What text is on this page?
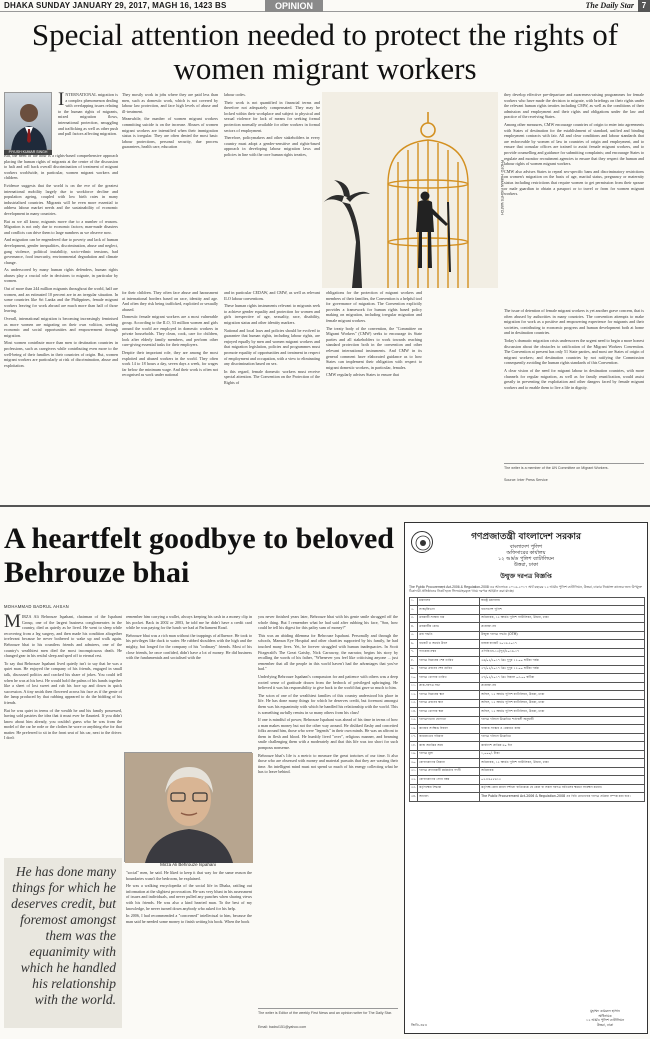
DHAKA SUNDAY JANUARY 29, 2017, MAGH 16, 1423 BS	OPINION	The Daily Star 7
Special attention needed to protect the rights of women migrant workers
PIYUSH KUMAR SINGH
I NTERNATIONAL migration is a complex phenomenon dealing with overlapping issues relating to the human rights of migrants, mixed migration flows, international protection, smuggling and trafficking as well as other push and pull factors affecting migration.

But, the need of the hour is a rights-based comprehensive approach placing the human rights of migrants at the centre of the discussion to halt and roll back overall discrimination of treatment of migrant workers worldwide, in particular, women migrant workers and children.

Evidence suggests that the world is on the eve of the greatest international mobility largely due to workforce decline and population ageing, coupled with low birth rates in many industrialised countries. Migrants will be even more essential to address labour market needs and the sustainability of economic development in many countries.

But as we all know, migrants move due to a number of reasons. Migration is not only due to economic factors; man-made disasters and conflicts can drive them to large numbers as we observe now.

And migration can be engendered due to poverty and lack of human development, gender inequalities, discrimination, abuse and neglect, gang violence, political instability, socio-ethnic tensions, bad governance, food insecurity, environmental degradation and climate change.

As underscored by many human rights defenders, human rights abuses play a crucial role in decisions to migrate, in particular by women.

Out of more than 244 million migrants throughout the world, half are women, and an estimated 10 percent are in an irregular situation. In some countries like Sri Lanka and the Philippines, female migrant workers leaving for work abroad are much more than half of those leaving.

Overall, international migration is becoming increasingly feminised as more women are migrating on their own volition, seeking economic and social opportunities and empowerment through migration.

Most women contribute more than men to destination countries in professions, such as caregivers while contributing even more to the well-being of their families in their countries of origin. But, women migrant workers are particularly at risk of discrimination, abuse and exploitation.

They mostly work in jobs where they are paid less than men, such as domestic work, which is not covered by labour law protection, and face high levels of abuse and ill-treatment.

Meanwhile, the number of women migrant workers committing suicide is on the increase. Abuses of women migrant workers are intensified when their immigration status is irregular. They are often denied the most basic labour protections, personal security, due process guarantees, health care, education

labour codes.

Their work is not quantified in financial terms and therefore not adequately compensated. They may be locked within their workplace and subject to physical and sexual violence for lack of means for seeking formal protection normally available for other workers in formal sectors of employment.

Therefore, policymakers and other stakeholders in every country must adopt a gender-sensitive and rights-based approach in developing labour migration laws and policies in line with the core human rights treaties,

PHOTO: HUMAN RIGHTS WATCH

they develop effective pre-departure and awareness-raising programmes for female workers who have made the decision to migrate, with briefings on their rights under the relevant human rights treaties including CMW, as well as the conditions of their admission and employment and their rights and obligations under the law and practice of the receiving States.

Among other measures, CMW encourage countries of origin to enter into agreements with States of destination for the establishment of standard, unified and binding employment contracts with fair. All and clear conditions and labour standards that are enforceable by women of law in countries of origin and employment, and to ensure that consular offices are trained to assist female migrant workers, and to provide counselling and guidance for submitting complaints; and encourage States to regulate and monitor recruitment agencies to ensure that they respect the human and labour rights of women migrant workers.

CMW also advises States to repeal sex-specific bans and discriminatory restrictions on women's migration on the basis of age, marital status, pregnancy or maternity status including restrictions that require women to get permission from their spouse or male guardian to obtain a passport or to travel or from for women migrant workers.

for their children. They often face abuse and harassment at international borders based on race, identity and age. And often they risk being trafficked, exploited or sexually abused.

Domestic female migrant workers are a most vulnerable group. According to the ILO, 53 million women and girls around the world are employed in domestic workers in private households. They clean, cook, care for children, look after elderly family members, and perform other care-giving essential tasks for their employers.

Despite their important role, they are among the most exploited and abused workers in the world. They often work 14 to 18 hours a day, seven days a week, for wages far below the minimum wage. And their work is often not recognised as work under national

and in particular CEDAW, and CMW, as well as relevant ILO labour conventions.

These human rights instruments relevant to migrants seek to achieve gender equality and protection for women and girls irrespective of age, sexuality, race, disability, migration status and other identity markers.

National and local laws and policies should be evolved to guarantee that human rights, including labour rights, are enjoyed equally by men and women migrant workers and that migration legislation, policies and programmes must promote equality of opportunities and treatment in respect of employment and occupation, with a view to eliminating any discrimination based on sex.

In this regard, female domestic workers must receive special attention. The Convention on the Protection of the Rights of

obligations for the protection of migrant workers and members of their families, the Convention is a helpful tool for governance of migration. The Convention explicitly provides a framework for human rights based policy making on migration, including irregular migration and female migrant workers.

The treaty body of the convention, the "Committee on Migrant Workers" (CMW) seeks to encourage its State parties and all stakeholders to work towards reaching standard protection both in the convention and other relevant international instruments. And CMW in its general comment have elaborated guidance as to how States can implement their obligation with respect to migrant domestic workers, in particular, females.

CMW regularly advises States to ensure that

The issue of detention of female migrant workers is yet another grave concern, that is often abused by authorities in many countries. The convention attempts to make migration for work as a positive and empowering experience for migrants and their societies, contributing to economic progress and human development both at home and in destination countries.

Today's dramatic migration crisis underscores the urgent need to begin a more honest discussion about the obstacles to ratification of the Migrant Workers Convention. The Convention at present has only 51 State parties, and most are States of origin of migrant workers; and destination countries by not ratifying the Commission consequently avoiding the human rights standards of this Convention.

A clear vision of the need for migrant labour in destination countries, with more channels for regular migration, as well as for family reunification, would assist greatly in preventing the exploitation and other dangers faced by female migrant workers and to enable them to live a life in dignity.

The writer is a member of the UN Committee on Migrant Workers.
Source: Inter Press Service
A heartfelt goodbye to beloved Behrouze bhai
MOHAMMAD BADRUL AHSAN
M IRZA Ali Behrouze Ispahani, chairman of the Ispahani Group, one of the largest business conglomerates in the country, died as quietly as he lived. He went to sleep while recovering from a leg surgery, and then made his condition altogether irrelevant because he never bothered to wake up and walk again. Behrouze bhai to his countless friends and admirers, one of the country's wealthiest men died the most inconspicuous death. He changed gear in his restful sleep and sped off to eternal rest.

To say that Behrouze Ispahani lived quietly isn't to say that he was a quiet man. He enjoyed the company of his friends, engaged in small talk, discussed politics and cracked his share of jokes. You could tell when he was at his best. He would hold the palms of his hands together like a sheet of lost sweet and rub his face up and down in quick succession. A tiny smirk then flowered across his face as if the genie of the lamp produced by that rubbing appeared to do the bidding of his friends.

But he was quiet in terms of the wealth he and his family possessed, having sold pastries the idea that it must ever be flaunted. If you didn't know about him already, you couldn't guess who he was from the model of the car he rode or the clothes he wore or anything else for that matter. He preferred to sit in the front seat of his car, next to the driver. I don't

remember him carrying a wallet, always keeping his cash in a money clip in his pocket. Back in 2002 or 2003, he told me he didn't have a credit card while he was paying for the lunch we had at Parliament Road.

Behrouze bhai was a rich man without the trappings of affluence. He took to his privileges like duck to water. He rubbed shoulders with the high and the mighty, but longed for the company of his "ordinary" friends. Most of his close friends, he once confided, didn't have a lot of money. He did business with the fundamentals and socialised with the

Mirza Ali Behrouze Ispahani
He has done many things for which he deserves credit, but foremost amongst them was the equanimity with which he handled his relationship with the world.

"social" men, he said. He liked to keep it that way for the same reason the boundaries wasn't the bedroom, he explained.

He was a walking encyclopedia of the social life in Dhaka, rattling out information at the slightest provocation. He was very blunt in his assessment of issues and individuals, and never pulled any punches when sharing views with his friends. He was also a kind hearted man. To the best of my knowledge, he never turned down anybody who asked for his help.

In 2006, I had recommended a "concerned" intellectual to him, because the man said he needed some money to finish writing his book. When the book

you never finished years later, Behrouze bhai with his genie smile shrugged off the whole thing. But I remember what he had said after rubbing his face, "Son, how could he tell his digest for this paltry sum of money?"

This was an abiding dilemma for Behrouze Ispahani. Personally and through the schools, Mamun Eye Hospital and other charities supported by his family, he had touched many lives. Yet, he forever struggled with human inadequacies. In Scott Fitzgerald's The Great Gatsby, Nick Carraway, the narrator, begins his story by recalling the words of his father, "Whenever you feel like criticising anyone ... just remember that all the people in this world haven't had the advantages that you've had."

Underlying Behrouze Ispahani's compassion for and patience with others was a deep rooted sense of gratitude drawn from the bedrock of privileged upbringing. He believed it was his responsibility to give back to the world that gave so much to him.

The scion of one of the wealthiest families of this country understood his place in life. He has done many things for which he deserves credit, but foremost amongst them was his equanimity with which he handled his relationship with the world. This is something awfully remiss in so many others from his class!

If one is mindful of power, Behrouze Ispahani was ahead of his time in terms of how a man makes money but not the other way around. He disliked flashy and conceited folks around him, those who were "legends" in their own minds. He was an affront to them in flesh and blood. He humbly lived "over", religious manner, and beaming smile challenging them with a moderately and that this life was too short for such pompous nonsense.

Behrouze bhai's life is a metric to measure the great tortoises of our time. It also those who are obsessed with money and material pursuits that they are wasting their time. An intelligent mind must not spend so much of his energy collecting what he has to leave behind.

The writer is Editor of the weekly First News and an opinion writer for The Daily Star.
Email: badrul151@yahoo.com
গণপ্রজাতন্ত্রী বাংলাদেশ সরকার
বাংলাদেশ পুলিশ
অফিসারের কার্যালয়
১২ আর্মড পুলিশ ব্যাটালিয়ন
উত্তরা, ঢাকা
উন্মুক্ত দরপত্র বিজ্ঞপ্তি
The Public Procurement Act-2006 & Regulation-2008 এর আলোকে ২০১৬-২০১৭ অর্থ বছরের ১২ আর্মড পুলিশ ব্যাটালিয়ন, উত্তরা, ঢাকার নিম্নোক্ত কাজের জন্য উপযুক্ত ঠিকাদারী প্রতিষ্ঠানের নিকট হতে সিলমোহরকৃত খামে দরপত্র আহ্বান করা যাচ্ছে।
১.	মন্ত্রণালয়	স্বরাষ্ট্র মন্ত্রণালয়
২.	সংস্থা/বিভাগ	বাংলাদেশ পুলিশ
৩.	ক্রয়কারী সংস্থার নাম	অধিনায়ক, ১২ আর্মড পুলিশ ব্যাটালিয়ন, উত্তরা, ঢাকা
৪.	ক্রয়কারীর কোড	প্রযোজ্য নয়
৫.	ক্রয় পদ্ধতি	উন্মুক্ত দরপত্র পদ্ধতি (OTM)
৬.	বাজেট ও অর্থের উৎস	রাজস্ব বাজেট ২০১৬-২০১৭
৭.	প্যাকেজ নম্বর	এপিবিএন-১২/পূর্ত/২০১৬-১৭
৮.	দরপত্র বিক্রয়ের শেষ তারিখ	২৬/০২/২০১৭ খ্রিঃ দুপুর ১২.০০ ঘটিকা পর্যন্ত
৯.	দরপত্র গ্রহণের শেষ তারিখ	২৭/০২/২০১৭ খ্রিঃ দুপুর ১২.০০ ঘটিকা পর্যন্ত
১০.	দরপত্র খোলার তারিখ	২৭/০২/২০১৭ খ্রিঃ বিকাল ০৩.০০ ঘটিকা
১১.	প্রাক-দরপত্র সভা	প্রযোজ্য নয়
১২.	দরপত্র বিক্রয়ের স্থান	অফিস, ১২ আর্মড পুলিশ ব্যাটালিয়ন, উত্তরা, ঢাকা
১৩.	দরপত্র গ্রহণের স্থান	অফিস, ১২ আর্মড পুলিশ ব্যাটালিয়ন, উত্তরা, ঢাকা
১৪.	দরপত্র খোলার স্থান	অফিস, ১২ আর্মড পুলিশ ব্যাটালিয়ন, উত্তরা, ঢাকা
১৫.	দরপত্রদাতার যোগ্যতা	দরপত্র দলিলে উল্লেখিত শর্তাবলী অনুযায়ী
১৬.	কাজের সংক্ষিপ্ত বিবরণ	ব্যারাক সংস্কার ও মেরামত কাজ
১৭.	জামানতের পরিমাণ	দরপত্র দলিলে উল্লেখিত
১৮.	কাজ সমাপ্তির সময়	কার্যাদেশ প্রাপ্তির ৬০ দিন
১৯.	দরপত্র মূল্য	১,০০০/- টাকা
২০.	যোগাযোগের ঠিকানা	অধিনায়ক, ১২ আর্মড পুলিশ ব্যাটালিয়ন, উত্তরা, ঢাকা
২১.	দরপত্র প্রদানকারী কর্মকর্তার পদবী	অধিনায়ক
২২.	যোগাযোগের ফোন নম্বর	০২-৮৯৫৫৬১২
২৩.	কর্তৃপক্ষের সিদ্ধান্ত	কর্তৃপক্ষ কোন কারণ দর্শানো ব্যতিরেকে যে কোন বা সকল দরপত্র বাতিলের ক্ষমতা সংরক্ষণ করেন।
২৪.	অন্যান্য	The Public Procurement Act-2006 & Regulation-2008 এর বিধি মোতাবেক দরপত্র প্রক্রিয়া সম্পন্ন করা হবে।
মুহাম্মদ কামরুল হাসান
অধিনায়ক
১২ আর্মড পুলিশ ব্যাটালিয়ন
উত্তরা, ঢাকা
জিডি-৩৫৪
